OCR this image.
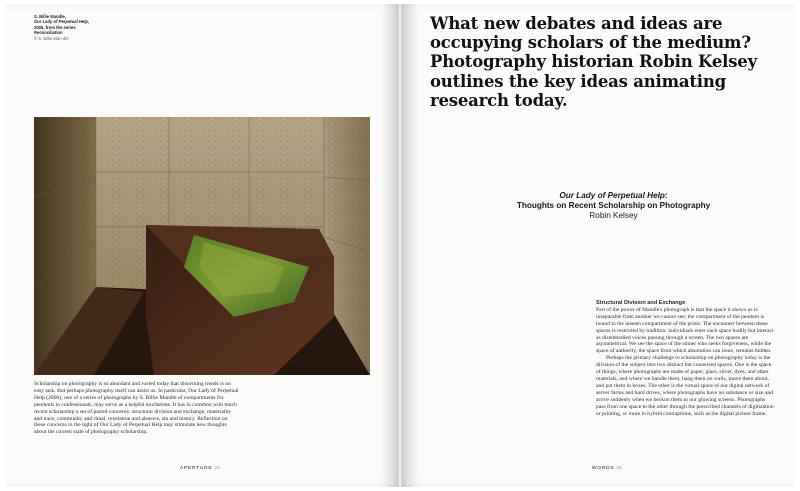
S. Billie Mandle,
Our Lady of Perpetual Help,
2005, from the series Reconciliation
© S. Billie Man-dle
Scholarship on photography is so abundant and varied today that discerning trends is no easy task. But perhaps photography itself can assist us. In particular, Our Lady of Perpetual Help (2006), one of a series of photographs by S. Billie Mandle of compartments for penitents in confessionals, may serve as a helpful touchstone. It has in common with much recent scholarship a set of paired concerns: structural division and exchange, materiality and trace, community and ritual, revelation and absence, sin and history. Reflection on these concerns in the light of Our Lady of Perpetual Help may stimulate new thoughts about the current state of photography scholarship.
APERTURE 24
What new debates and ideas are occupying scholars of the medium? Photography historian Robin Kelsey outlines the key ideas animating research today.
Our Lady of Perpetual Help:
Thoughts on Recent Scholarship on Photography
Robin Kelsey
Structural Division and Exchange

Part of the power of Mandle's photograph is that the space it shows us is inseparable from another we cannot see; the compartment of the penitent is bound to the unseen compartment of the priest. The encounter between these spaces is restricted by tradition: individuals enter each space bodily but interact as disembodied voices passing through a screen. The two spaces are asymmetrical. We see the space of the sinner who seeks forgiveness, while the space of authority, the space from which absolution can issue, remains hidden.

Perhaps the primary challenge to scholarship on photography today is the division of the subject into two distinct but connected spaces. One is the space of things, where photographs are made of paper, glass, silver, dyes, and other materials, and where we handle them, hang them on walls, move them about, and put them in boxes. The other is the virtual space of our digital network of server farms and hard drives, where photographs have no substance or size and arrive suddenly when we beckon them to our glowing screens. Photographs pass from one space to the other through the prescribed channels of digitization or printing, or more in hybrid contraptions, such as the digital picture frame.

WORDS 25
